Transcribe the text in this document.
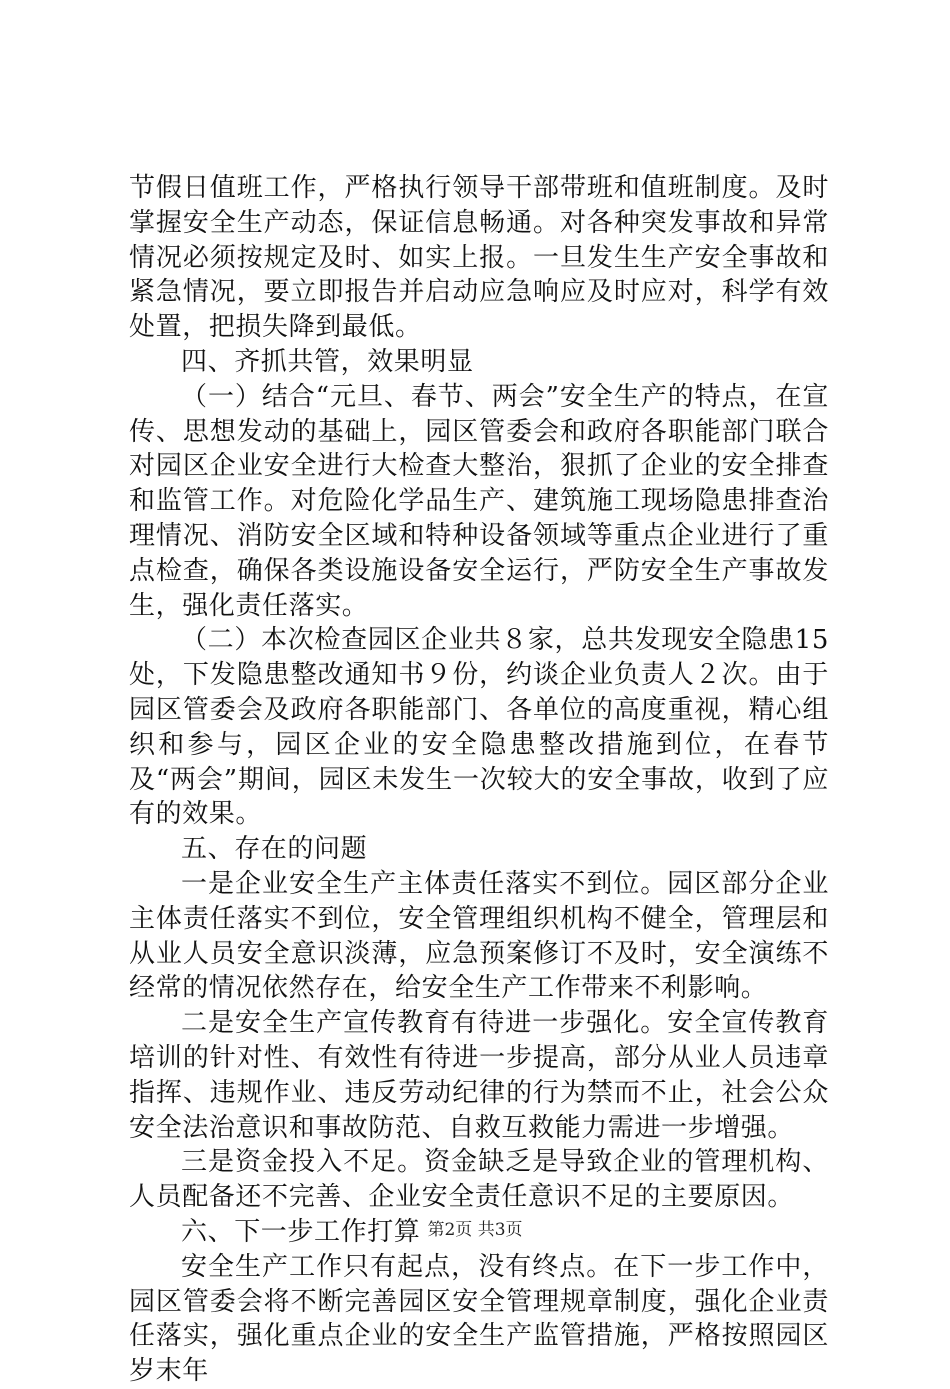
节假日值班工作，严格执行领导干部带班和值班制度。及时掌握安全生产动态，保证信息畅通。对各种突发事故和异常情况必须按规定及时、如实上报。一旦发生生产安全事故和紧急情况，要立即报告并启动应急响应及时应对，科学有效处置，把损失降到最低。

四、齐抓共管，效果明显

（一）结合“元旦、春节、两会”安全生产的特点，在宣传、思想发动的基础上，园区管委会和政府各职能部门联合对园区企业安全进行大检查大整治，狠抓了企业的安全排查和监管工作。对危险化学品生产、建筑施工现场隐患排查治理情况、消防安全区域和特种设备领域等重点企业进行了重点检查，确保各类设施设备安全运行，严防安全生产事故发生，强化责任落实。

（二）本次检查园区企业共８家，总共发现安全隐患15处，下发隐患整改通知书９份，约谈企业负责人２次。由于园区管委会及政府各职能部门、各单位的高度重视，精心组织和参与，园区企业的安全隐患整改措施到位，在春节及“两会”期间，园区未发生一次较大的安全事故，收到了应有的效果。

五、存在的问题

一是企业安全生产主体责任落实不到位。园区部分企业主体责任落实不到位，安全管理组织机构不健全，管理层和从业人员安全意识淡薄，应急预案修订不及时，安全演练不经常的情况依然存在，给安全生产工作带来不利影响。

二是安全生产宣传教育有待进一步强化。安全宣传教育培训的针对性、有效性有待进一步提高，部分从业人员违章指挥、违规作业、违反劳动纪律的行为禁而不止，社会公众安全法治意识和事故防范、自救互救能力需进一步增强。

三是资金投入不足。资金缺乏是导致企业的管理机构、人员配备还不完善、企业安全责任意识不足的主要原因。

六、下一步工作打算

安全生产工作只有起点，没有终点。在下一步工作中，园区管委会将不断完善园区安全管理规章制度，强化企业责任落实，强化重点企业的安全生产监管措施，严格按照园区岁末年

第2页 共3页
